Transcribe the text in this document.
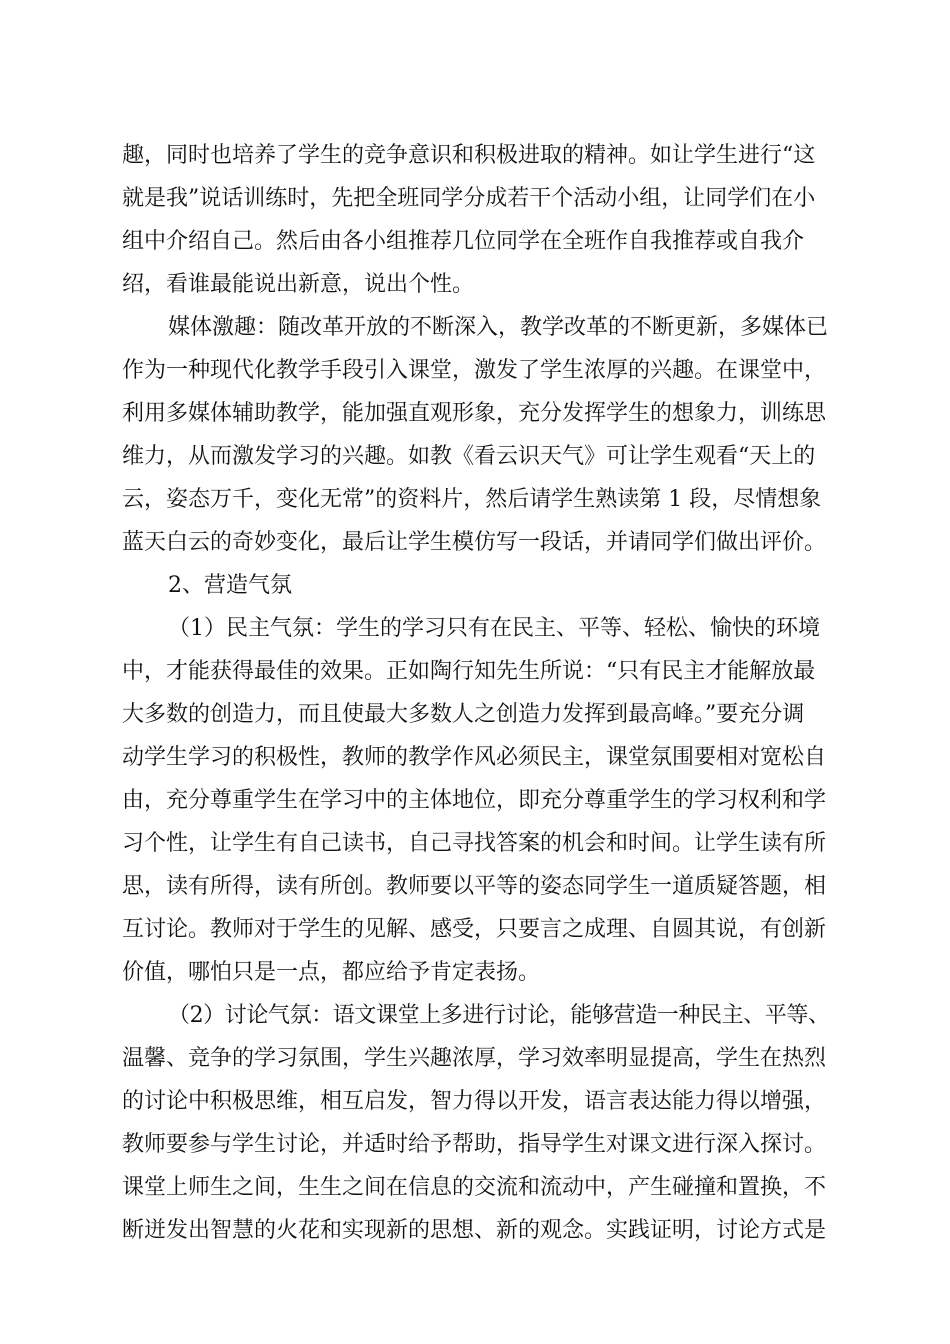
趣，同时也培养了学生的竞争意识和积极进取的精神。如让学生进行“这
就是我”说话训练时，先把全班同学分成若干个活动小组，让同学们在小
组中介绍自己。然后由各小组推荐几位同学在全班作自我推荐或自我介
绍，看谁最能说出新意，说出个性。
媒体激趣：随改革开放的不断深入，教学改革的不断更新，多媒体已
作为一种现代化教学手段引入课堂，激发了学生浓厚的兴趣。在课堂中，
利用多媒体辅助教学，能加强直观形象，充分发挥学生的想象力，训练思
维力，从而激发学习的兴趣。如教《看云识天气》可让学生观看“天上的
云，姿态万千，变化无常”的资料片，然后请学生熟读第 1 段，尽情想象
蓝天白云的奇妙变化，最后让学生模仿写一段话，并请同学们做出评价。
2、营造气氛
（1）民主气氛：学生的学习只有在民主、平等、轻松、愉快的环境
中，才能获得最佳的效果。正如陶行知先生所说：“只有民主才能解放最
大多数的创造力，而且使最大多数人之创造力发挥到最高峰。”要充分调
动学生学习的积极性，教师的教学作风必须民主，课堂氛围要相对宽松自
由，充分尊重学生在学习中的主体地位，即充分尊重学生的学习权利和学
习个性，让学生有自己读书，自己寻找答案的机会和时间。让学生读有所
思，读有所得，读有所创。教师要以平等的姿态同学生一道质疑答题，相
互讨论。教师对于学生的见解、感受，只要言之成理、自圆其说，有创新
价值，哪怕只是一点，都应给予肯定表扬。
（2）讨论气氛：语文课堂上多进行讨论，能够营造一种民主、平等、
温馨、竞争的学习氛围，学生兴趣浓厚，学习效率明显提高，学生在热烈
的讨论中积极思维，相互启发，智力得以开发，语言表达能力得以增强，
教师要参与学生讨论，并适时给予帮助，指导学生对课文进行深入探讨。
课堂上师生之间，生生之间在信息的交流和流动中，产生碰撞和置换，不
断迸发出智慧的火花和实现新的思想、新的观念。实践证明，讨论方式是
